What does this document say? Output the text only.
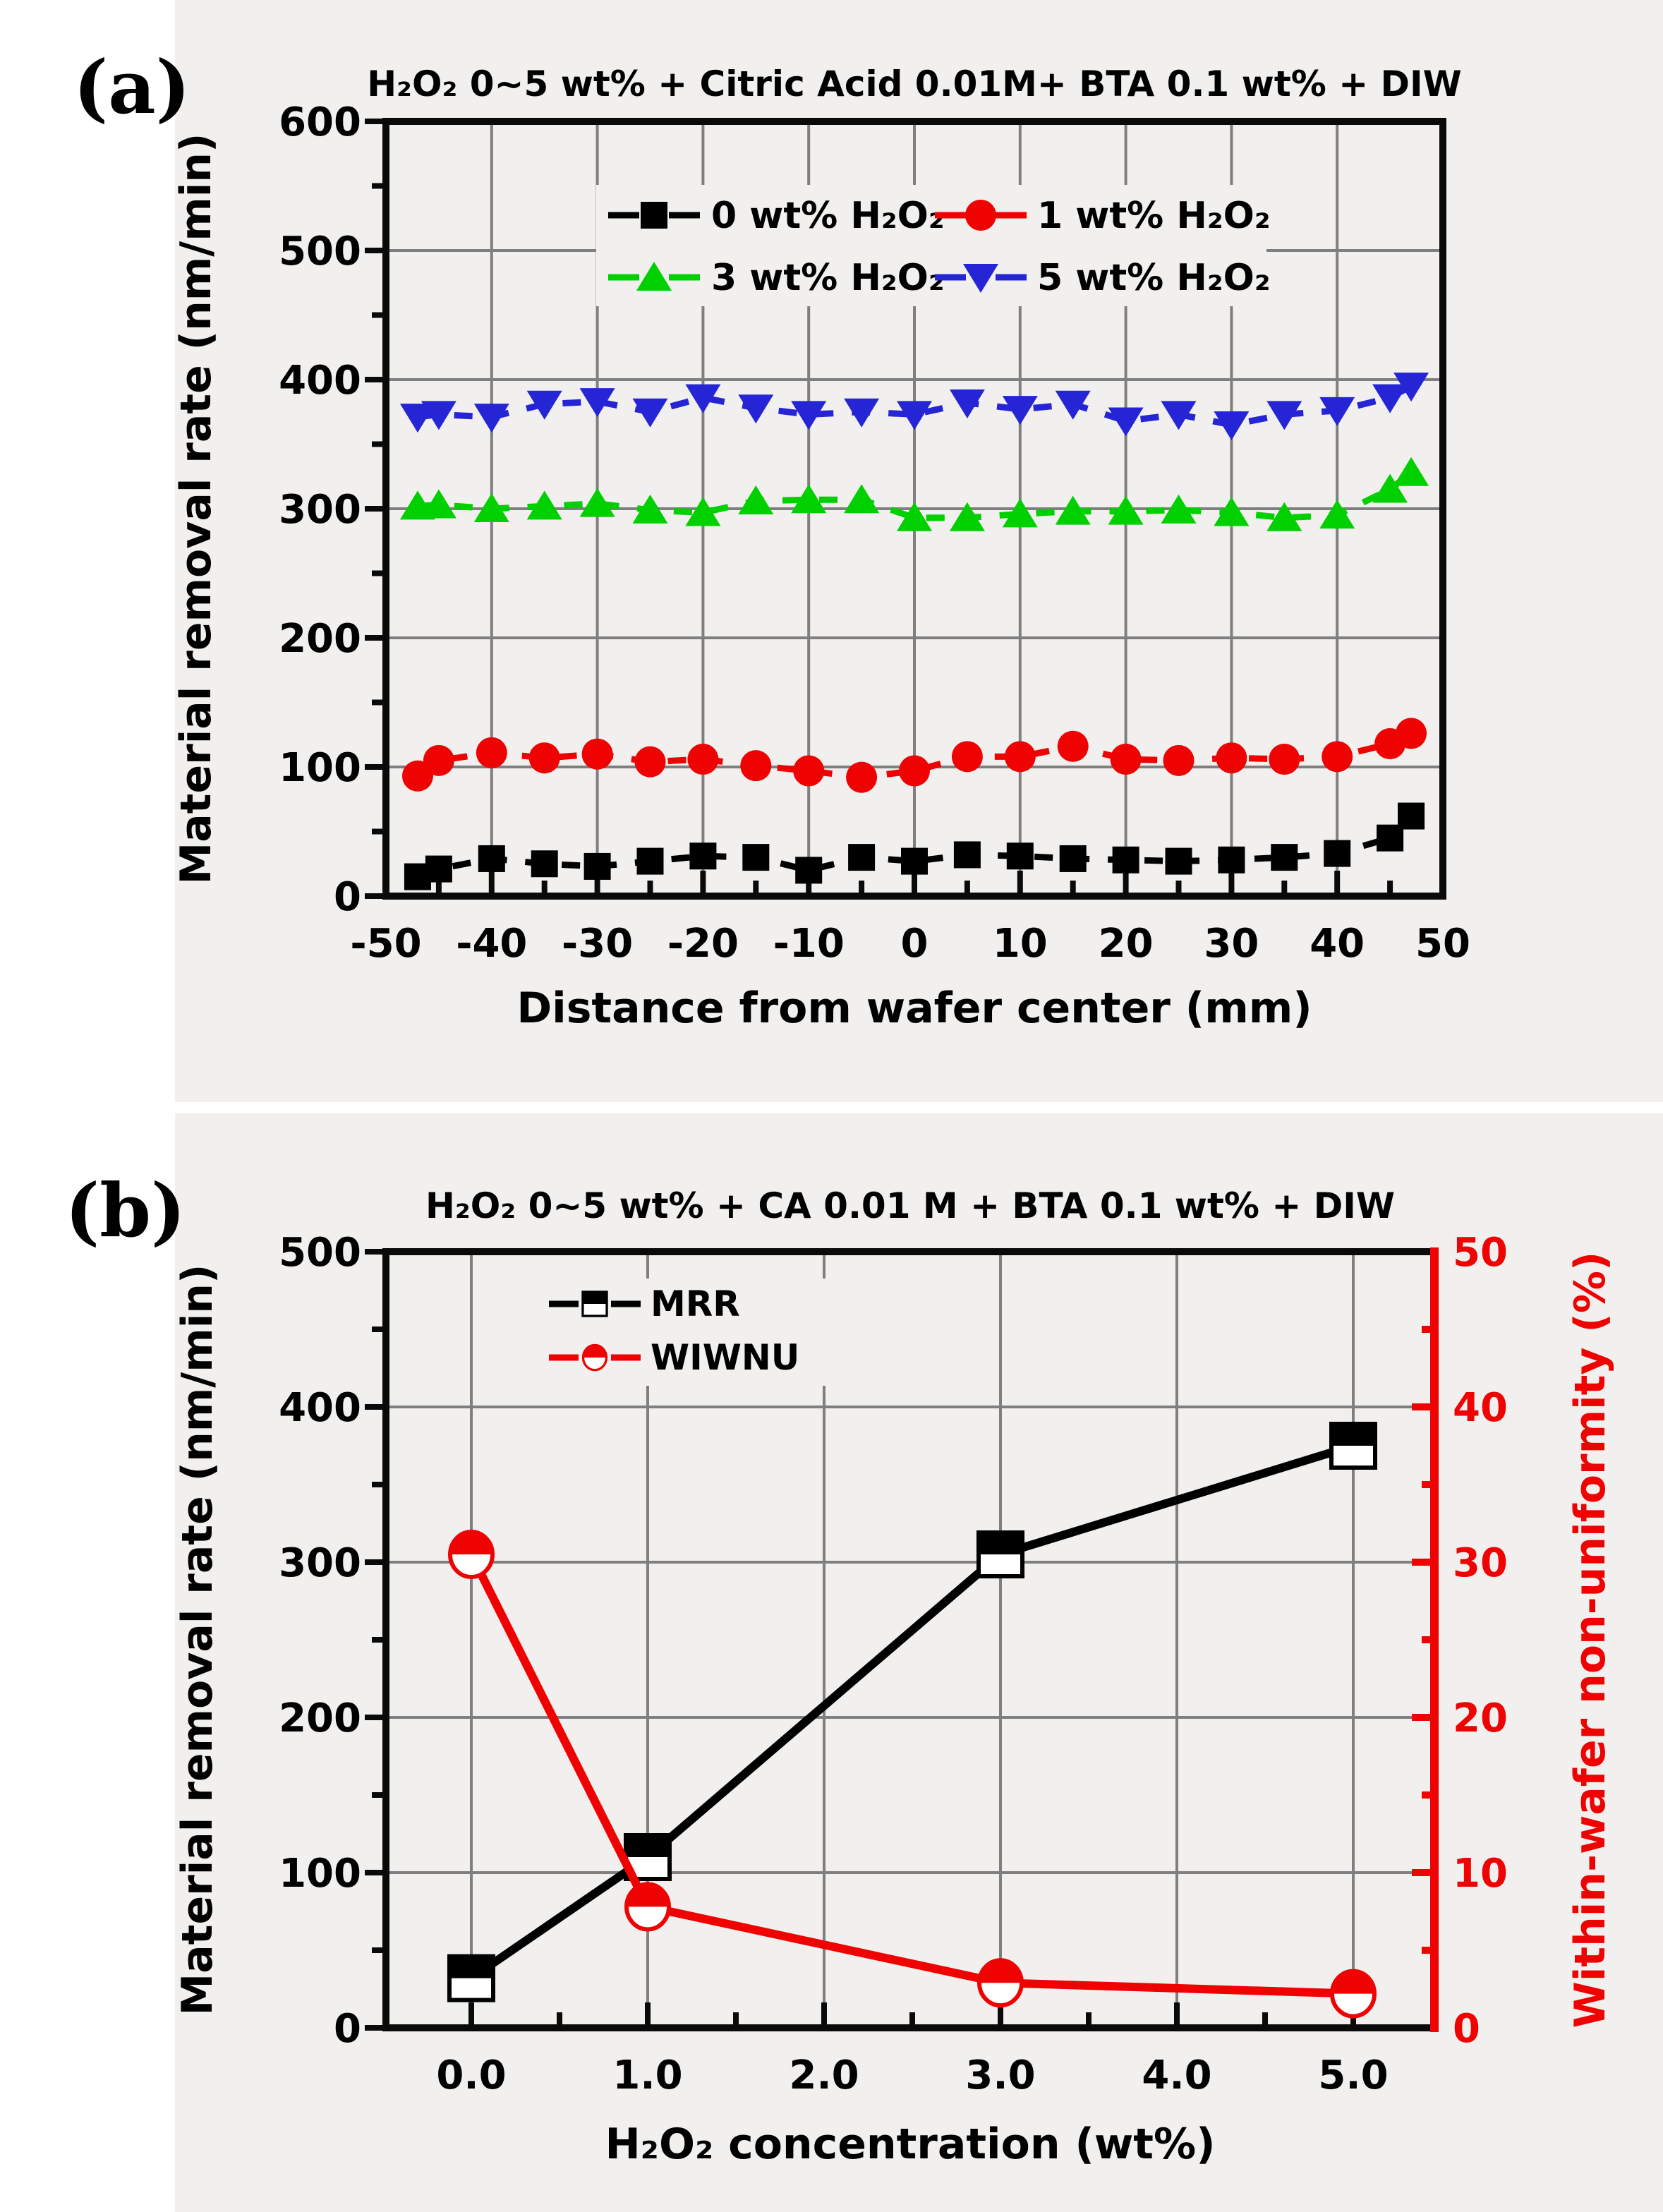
(a)	H₂O₂ 0~5 wt% + Citric Acid 0.01M+ BTA 0.1 wt% + DIW
Material removal rate (nm/min)
Distance from wafer center (mm)
-50 -40 -30 -20 -10 0 10 20 30 40 50
0
100
200
300
400
500
600
0 wt% H₂O₂	1 wt% H₂O₂
3 wt% H₂O₂	5 wt% H₂O₂
(b)	H₂O₂ 0~5 wt% + CA 0.01 M + BTA 0.1 wt% + DIW
Material removal rate (nm/min)	Within-wafer non-uniformity (%)
H₂O₂ concentration (wt%)
0.0	1.0	2.0	3.0	4.0	5.0
0
100
200
300
400
500
0
10
20
30
40
50
MRR
WIWNU
